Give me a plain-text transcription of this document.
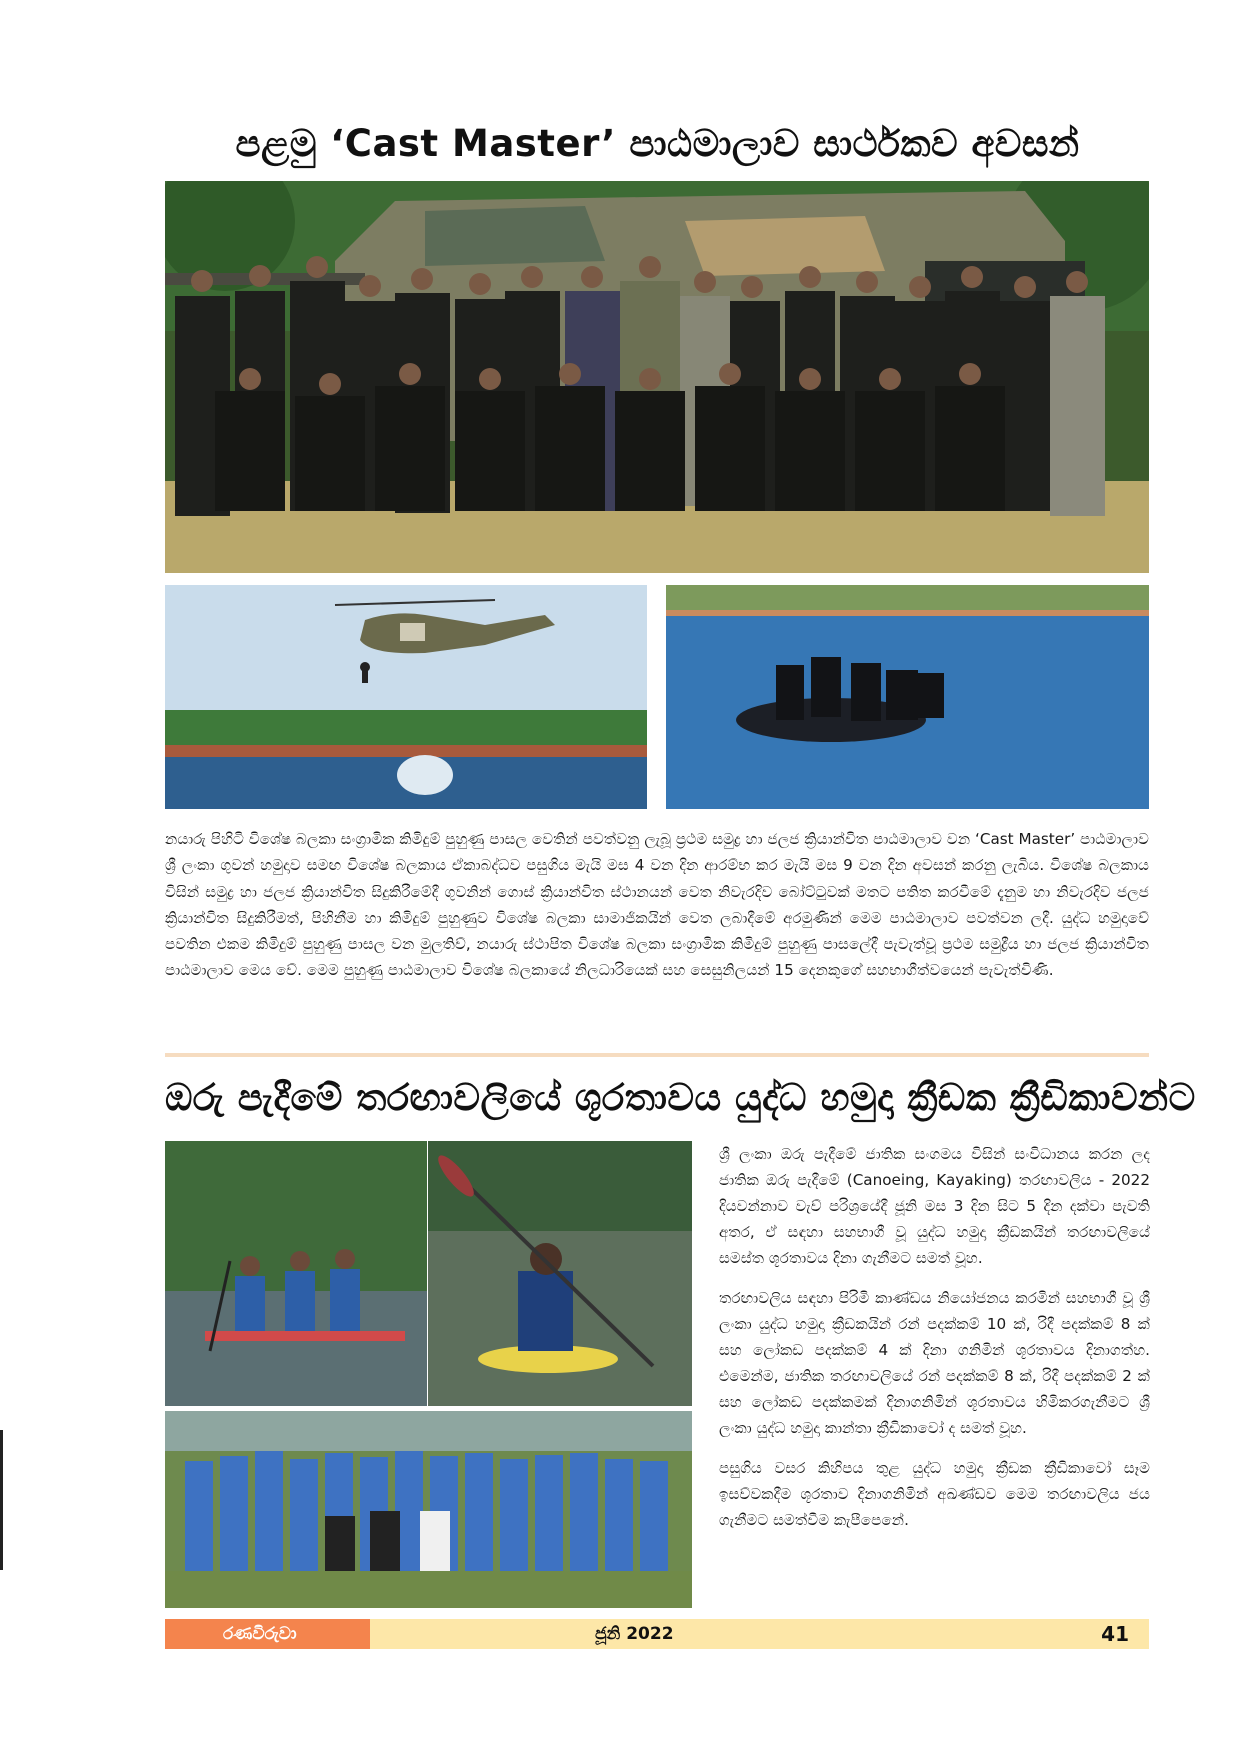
පළමු ‘Cast Master’ පාඨමාලාව සාර්ථකව අවසන්

නයාරු පිහිටි විශේෂ බලකා සංග්‍රාමික කිමිදුම් පුහුණු පාසල වෙතින් පවත්වනු ලැබූ ප්‍රථම සමුද්‍ර හා ජලජ ක්‍රියාන්විත පාඨමාලාව වන ‘Cast Master’ පාඨමාලාව ශ්‍රී ලංකා ගුවන් හමුදාව සමඟ විශේෂ බලකාය ඒකාබද්ධව පසුගිය මැයි මස 4 වන දින ආරම්භ කර මැයි මස 9 වන දින අවසන් කරනු ලැබිය. විශේෂ බලකාය විසින් සමුද්‍ර හා ජලජ ක්‍රියාන්විත සිදුකිරීමේදී ගුවනින් ගොස් ක්‍රියාන්විත ස්ථානයන් වෙත නිවැරදිව බෝට්ටුවක් මතට පතිත කරවීමේ දැනුම හා නිවැරදිව ජලජ ක්‍රියාන්විත සිදුකිරීමත්, පිහිනීම හා කිමිදුම් පුහුණුව විශේෂ බලකා සාමාජිකයින් වෙත ලබාදීමේ අරමුණින් මෙම පාඨමාලාව පවත්වන ලදී. යුද්ධ හමුදාවේ පවතින එකම කිමිදුම් පුහුණු පාසල වන මුලතිව්, නයාරු ස්ථාපිත විශේෂ බලකා සංග්‍රාමික කිමිදුම් පුහුණු පාසලේදී පැවැත්වූ ප්‍රථම සමුද්‍රීය හා ජලජ ක්‍රියාන්විත පාඨමාලාව මෙය වේ. මෙම පුහුණු පාඨමාලාව විශේෂ බලකායේ නිලධාරියෙක් සහ සෙසුනිලයන් 15 දෙනකුගේ සහභාගීත්වයෙන් පැවැත්විණි.

ඔරු පැදීමේ තරඟාවලියේ ශූරතාවය යුද්ධ හමුදා ක්‍රීඩක ක්‍රීඩිකාවන්ට

ශ්‍රී ලංකා ඔරු පැදීමේ ජාතික සංගමය විසින් සංවිධානය කරන ලද ජාතික ඔරු පැදීමේ (Canoeing, Kayaking) තරඟාවලිය - 2022 දියවන්නාව වැව් පරිශ්‍රයේදී ජූනි මස 3 දින සිට 5 දින දක්වා පැවති අතර, ඒ සඳහා සහභාගී වූ යුද්ධ හමුදා ක්‍රීඩකයින් තරඟාවලියේ සමස්ත ශූරතාවය දිනා ගැනීමට සමත් වූහ.

තරඟාවලිය සඳහා පිරිමි කාණ්ඩය නියෝජනය කරමින් සහභාගී වූ ශ්‍රී ලංකා යුද්ධ හමුදා ක්‍රීඩකයින් රන් පදක්කම් 10 ක්, රිදී පදක්කම් 8 ක් සහ ලෝකඩ පදක්කම් 4 ක් දිනා ගනිමින් ශූරතාවය දිනාගත්හ. එමෙන්ම, ජාතික තරඟාවලියේ රන් පදක්කම් 8 ක්, රිදී පදක්කම් 2 ක් සහ ලෝකඩ පදක්කමක් දිනාගනිමින් ශූරතාවය හිමිකරගැනීමට ශ්‍රී ලංකා යුද්ධ හමුදා කාන්තා ක්‍රීඩිකාවෝ ද සමත් වූහ.

පසුගිය වසර කිහිපය තුළ යුද්ධ හමුදා ක්‍රීඩක ක්‍රීඩිකාවෝ සෑම ඉසව්වකදීම ශූරතාව දිනාගනිමින් අඛණ්ඩව මෙම තරඟාවලිය ජය ගැනීමට සමත්වීම කැපීපෙනේ.

රණවිරුවා	ජූනි 2022	41
